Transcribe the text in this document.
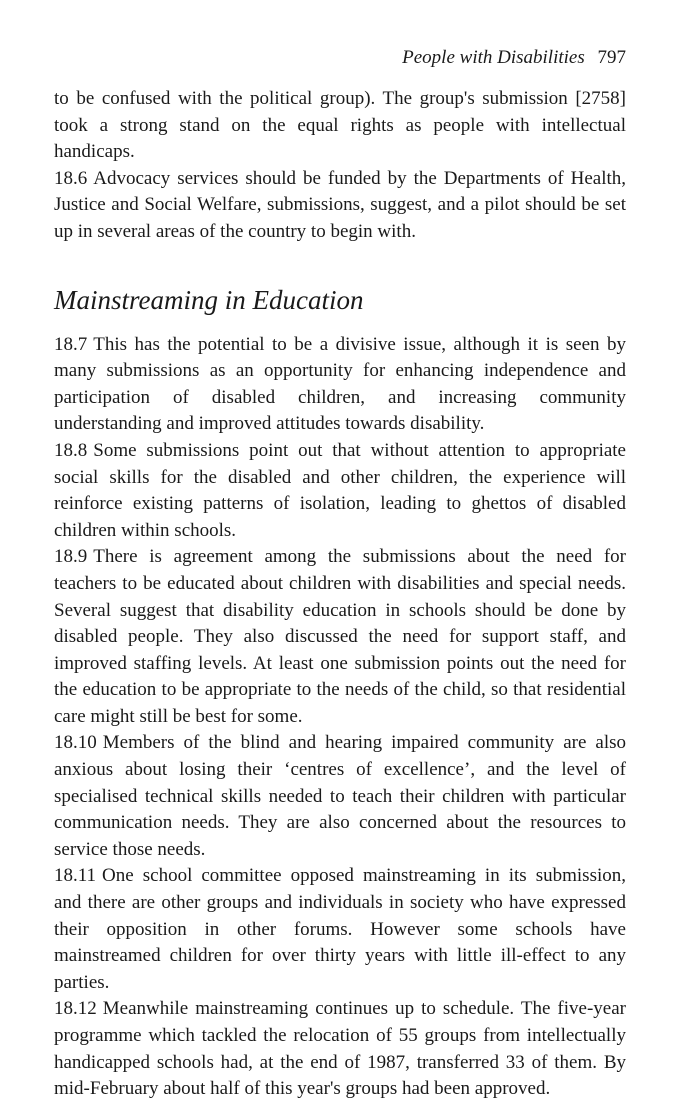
People with Disabilities 797

to be confused with the political group). The group's submission [2758] took a strong stand on the equal rights as people with intellectual handicaps.

18.6 Advocacy services should be funded by the Departments of Health, Justice and Social Welfare, submissions, suggest, and a pilot should be set up in several areas of the country to begin with.

Mainstreaming in Education

18.7 This has the potential to be a divisive issue, although it is seen by many submissions as an opportunity for enhancing independence and participation of disabled children, and increasing community understanding and improved attitudes towards disability.

18.8 Some submissions point out that without attention to appropriate social skills for the disabled and other children, the experience will reinforce existing patterns of isolation, leading to ghettos of disabled children within schools.

18.9 There is agreement among the submissions about the need for teachers to be educated about children with disabilities and special needs. Several suggest that disability education in schools should be done by disabled people. They also discussed the need for support staff, and improved staffing levels. At least one submission points out the need for the education to be appropriate to the needs of the child, so that residential care might still be best for some.

18.10 Members of the blind and hearing impaired community are also anxious about losing their ‘centres of excellence’, and the level of specialised technical skills needed to teach their children with particular communication needs. They are also concerned about the resources to service those needs.

18.11 One school committee opposed mainstreaming in its submission, and there are other groups and individuals in society who have expressed their opposition in other forums. However some schools have mainstreamed children for over thirty years with little ill-effect to any parties.

18.12 Meanwhile mainstreaming continues up to schedule. The five-year programme which tackled the relocation of 55 groups from intellectually handicapped schools had, at the end of 1987, transferred 33 of them. By mid-February about half of this year's groups had been approved.
